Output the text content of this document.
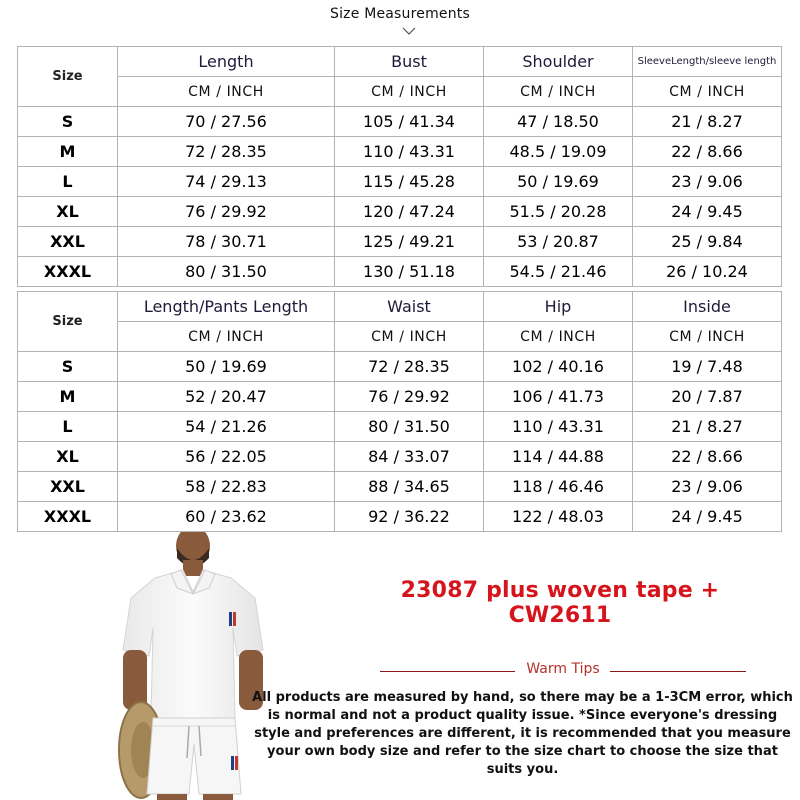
Size Measurements
Size	Length	Bust	Shoulder	SleeveLength/sleeve length
	CM / INCH	CM / INCH	CM / INCH	CM / INCH
S	70 / 27.56	105 / 41.34	47 / 18.50	21 / 8.27
M	72 / 28.35	110 / 43.31	48.5 / 19.09	22 / 8.66
L	74 / 29.13	115 / 45.28	50 / 19.69	23 / 9.06
XL	76 / 29.92	120 / 47.24	51.5 / 20.28	24 / 9.45
XXL	78 / 30.71	125 / 49.21	53 / 20.87	25 / 9.84
XXXL	80 / 31.50	130 / 51.18	54.5 / 21.46	26 / 10.24
Size	Length/Pants Length	Waist	Hip	Inside
	CM / INCH	CM / INCH	CM / INCH	CM / INCH
S	50 / 19.69	72 / 28.35	102 / 40.16	19 / 7.48
M	52 / 20.47	76 / 29.92	106 / 41.73	20 / 7.87
L	54 / 21.26	80 / 31.50	110 / 43.31	21 / 8.27
XL	56 / 22.05	84 / 33.07	114 / 44.88	22 / 8.66
XXL	58 / 22.83	88 / 34.65	118 / 46.46	23 / 9.06
XXXL	60 / 23.62	92 / 36.22	122 / 48.03	24 / 9.45
23087 plus woven tape + CW2611
Warm Tips
All products are measured by hand, so there may be a 1-3CM error, which is normal and not a product quality issue. *Since everyone's dressing style and preferences are different, it is recommended that you measure your own body size and refer to the size chart to choose the size that suits you.
